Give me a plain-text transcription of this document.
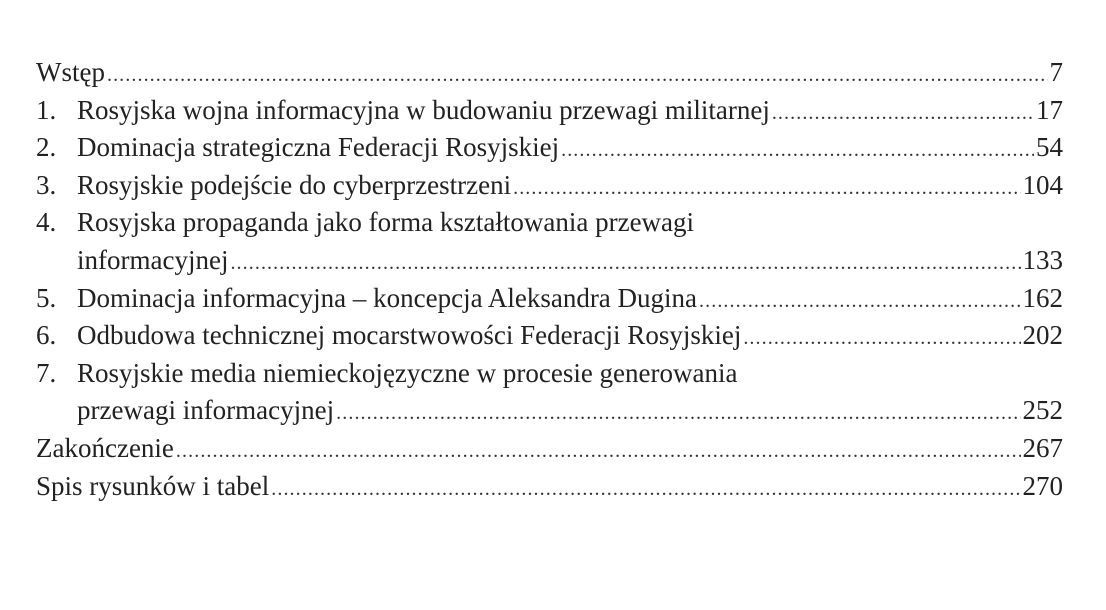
Wstęp .....	7
1. Rosyjska wojna informacyjna w budowaniu przewagi militarnej .....	17
2. Dominacja strategiczna Federacji Rosyjskiej .....	54
3. Rosyjskie podejście do cyberprzestrzeni .....	104
4. Rosyjska propaganda jako forma kształtowania przewagi
informacyjnej .....	133
5. Dominacja informacyjna – koncepcja Aleksandra Dugina .....	162
6. Odbudowa technicznej mocarstwowości Federacji Rosyjskiej .....	202
7. Rosyjskie media niemieckojęzyczne w procesie generowania
przewagi informacyjnej .....	252
Zakończenie .....	267
Spis rysunków i tabel .....	270
